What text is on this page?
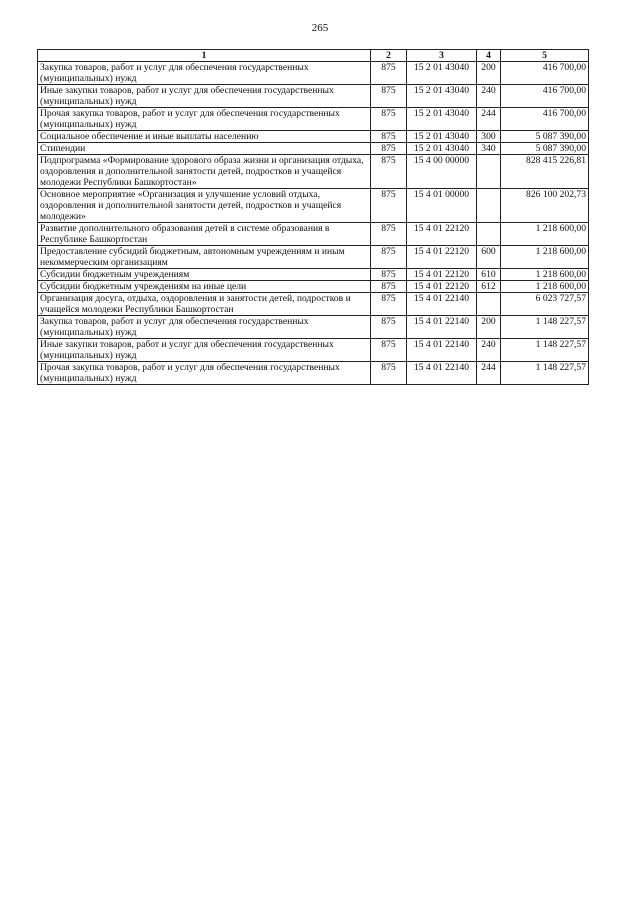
265
1	2	3	4	5
Закупка товаров, работ и услуг для обеспечения государственных (муниципальных) нужд	875	15 2 01 43040	200	416 700,00
Иные закупки товаров, работ и услуг для обеспечения государственных (муниципальных) нужд	875	15 2 01 43040	240	416 700,00
Прочая закупка товаров, работ и услуг для обеспечения государственных (муниципальных) нужд	875	15 2 01 43040	244	416 700,00
Социальное обеспечение и иные выплаты населению	875	15 2 01 43040	300	5 087 390,00
Стипендии	875	15 2 01 43040	340	5 087 390,00
Подпрограмма «Формирование здорового образа жизни и организация отдыха, оздоровления и дополнительной занятости детей, подростков и учащейся молодежи Республики Башкортостан»	875	15 4 00 00000		828 415 226,81
Основное мероприятие «Организация и улучшение условий отдыха, оздоровления и дополнительной занятости детей, подростков и учащейся молодежи»	875	15 4 01 00000		826 100 202,73
Развитие дополнительного образования детей в системе образования в Республике Башкортостан	875	15 4 01 22120		1 218 600,00
Предоставление субсидий бюджетным, автономным учреждениям и иным некоммерческим организациям	875	15 4 01 22120	600	1 218 600,00
Субсидии бюджетным учреждениям	875	15 4 01 22120	610	1 218 600,00
Субсидии бюджетным учреждениям на иные цели	875	15 4 01 22120	612	1 218 600,00
Организация досуга, отдыха, оздоровления и занятости детей, подростков и учащейся молодежи Республики Башкортостан	875	15 4 01 22140		6 023 727,57
Закупка товаров, работ и услуг для обеспечения государственных (муниципальных) нужд	875	15 4 01 22140	200	1 148 227,57
Иные закупки товаров, работ и услуг для обеспечения государственных (муниципальных) нужд	875	15 4 01 22140	240	1 148 227,57
Прочая закупка товаров, работ и услуг для обеспечения государственных (муниципальных) нужд	875	15 4 01 22140	244	1 148 227,57
